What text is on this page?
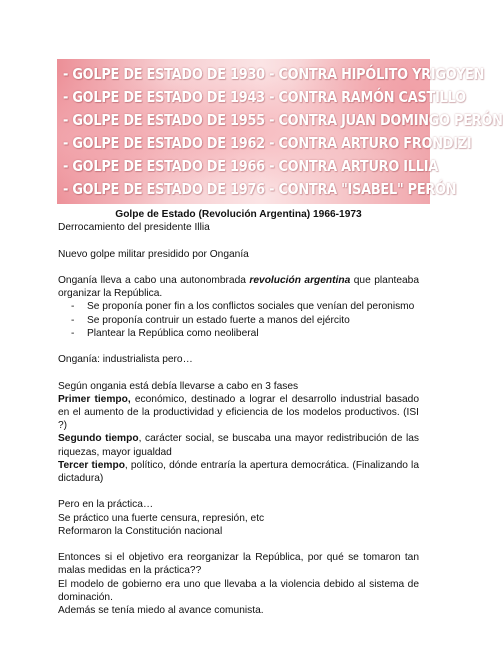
- GOLPE DE ESTADO DE 1930 - CONTRA HIPÓLITO YRIGOYEN
- GOLPE DE ESTADO DE 1943 - CONTRA RAMÓN CASTILLO
- GOLPE DE ESTADO DE 1955 - CONTRA JUAN DOMINGO PERÓN
- GOLPE DE ESTADO DE 1962 - CONTRA ARTURO FRONDIZI
- GOLPE DE ESTADO DE 1966 - CONTRA ARTURO ILLIA
- GOLPE DE ESTADO DE 1976 - CONTRA "ISABEL" PERÓN

Golpe de Estado (Revolución Argentina) 1966-1973

Derrocamiento del presidente Illia

Nuevo golpe militar presidido por Onganía

Onganía lleva a cabo una autonombrada revolución argentina que planteaba organizar la República.

- Se proponía poner fin a los conflictos sociales que venían del peronismo
- Se proponía contruir un estado fuerte a manos del ejército
- Plantear la República como neoliberal

Onganía: industrialista pero…

Según ongania está debía llevarse a cabo en 3 fases

Primer tiempo, económico, destinado a lograr el desarrollo industrial basado en el aumento de la productividad y eficiencia de los modelos productivos. (ISI ?)

Segundo tiempo, carácter social, se buscaba una mayor redistribución de las riquezas, mayor igualdad

Tercer tiempo, político, dónde entraría la apertura democrática. (Finalizando la dictadura)

Pero en la práctica…

Se práctico una fuerte censura, represión, etc

Reformaron la Constitución nacional

Entonces si el objetivo era reorganizar la República, por qué se tomaron tan malas medidas en la práctica??

El modelo de gobierno era uno que llevaba a la violencia debido al sistema de dominación.

Además se tenía miedo al avance comunista.
